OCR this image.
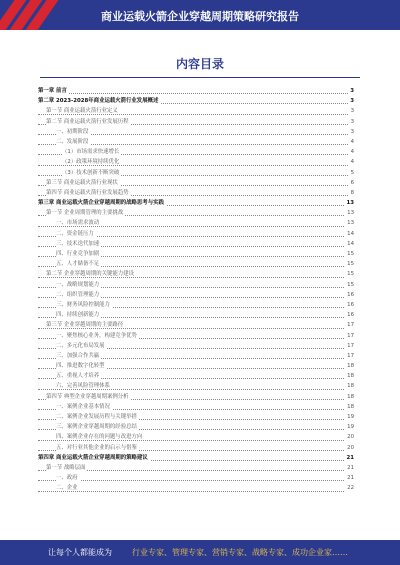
商业运载火箭企业穿越周期策略研究报告
内容目录
第一章 前言	3
第二章 2023-2028年商业运载火箭行业发展概述	3
第一节 商业运载火箭行业定义	3
第二节 商业运载火箭行业发展历程	3
一、初期阶段	3
二、发展阶段	4
（1）市场需求快速增长	4
（2）政策环境持续优化	4
（3）技术创新不断突破	5
第三节 商业运载火箭行业现状	6
第四节 商业运载火箭行业发展趋势	8
第三章 商业运载火箭企业穿越周期的战略思考与实践	13
第一节 企业周期管理的主要挑战	13
一、市场需求波动	13
二、资金链压力	14
三、技术迭代加速	14
四、行业竞争加剧	15
五、人才储备不足	15
第二节 企业穿越周期的关键能力建设	15
一、战略规划能力	15
二、组织管理能力	16
三、财务风险控制能力	16
四、持续创新能力	16
第三节 企业穿越周期的主要路径	17
一、聚焦核心业务，构建竞争优势	17
二、多元化布局发展	17
三、加强合作共赢	17
四、推进数字化转型	18
五、重视人才培养	18
六、完善风险管理体系	18
第四节 典型企业穿越周期案例分析	18
一、案例企业基本情况	18
二、案例企业发展历程与关键举措	19
三、案例企业穿越周期的经验总结	19
四、案例企业存在的问题与改进方向	20
五、对行业其他企业的启示与借鉴	20
第四章 商业运载火箭企业穿越周期的策略建议	21
第一节 战略层面	21
一、政府	21
二、企业	22
让每个人都能成为	行业专家、管理专家、营销专家、战略专家、成功企业家……
